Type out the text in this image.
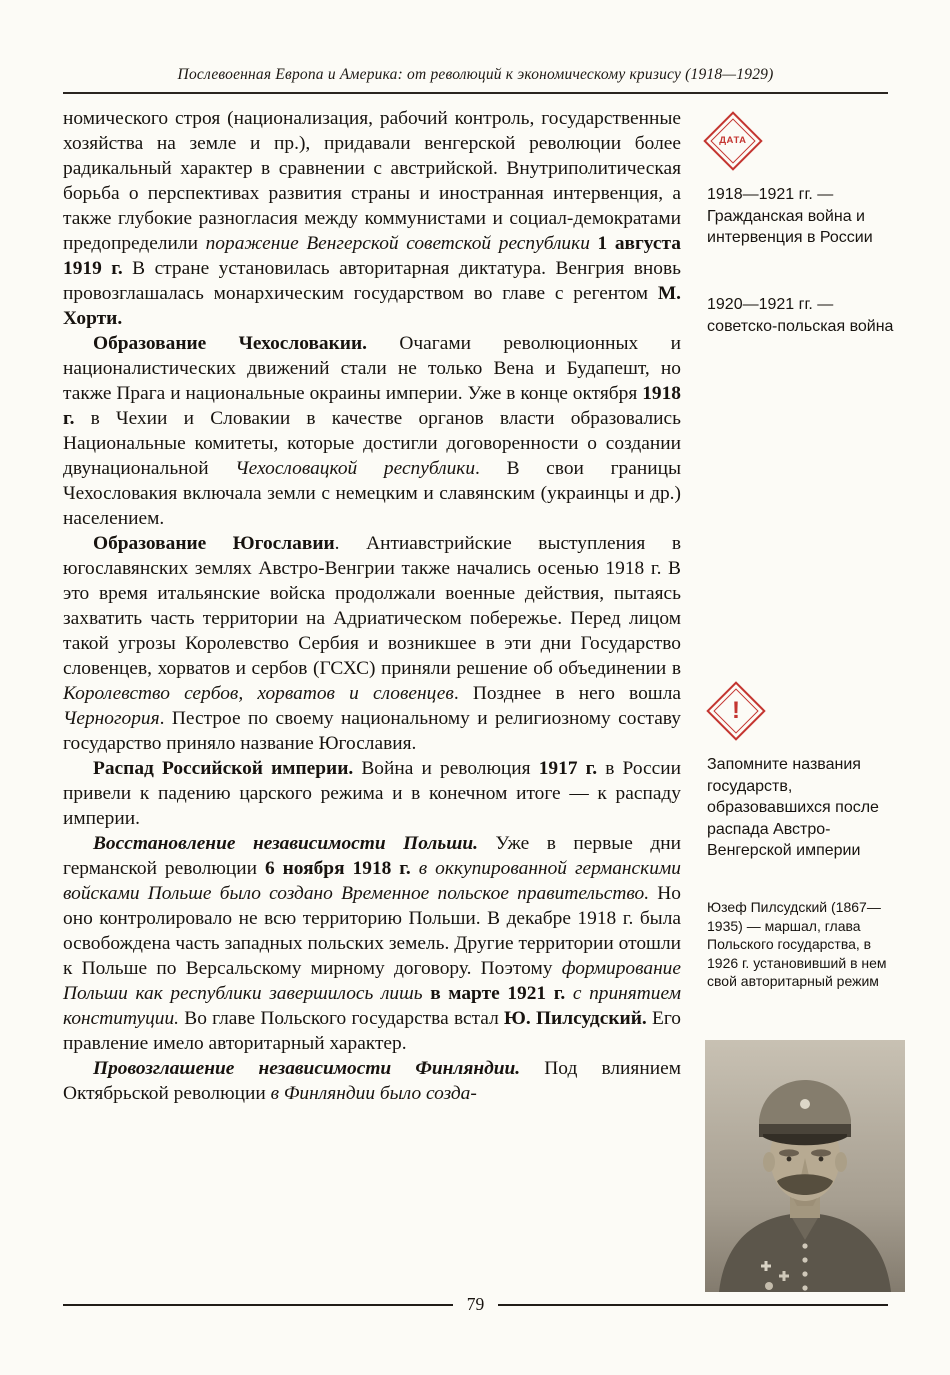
Послевоенная Европа и Америка: от революций к экономическому кризису (1918—1929)

номического строя (национализация, рабочий контроль, государственные хозяйства на земле и пр.), придавали венгерской революции более радикальный характер в сравнении с австрийской. Внутриполитическая борьба о перспективах развития страны и иностранная интервенция, а также глубокие разногласия между коммунистами и социал-демократами предопределили поражение Венгерской советской республики 1 августа 1919 г. В стране установилась авторитарная диктатура. Венгрия вновь провозглашалась монархическим государством во главе с регентом М. Хорти.

Образование Чехословакии. Очагами революционных и националистических движений стали не только Вена и Будапешт, но также Прага и национальные окраины империи. Уже в конце октября 1918 г. в Чехии и Словакии в качестве органов власти образовались Национальные комитеты, которые достигли договоренности о создании двунациональной Чехословацкой республики. В свои границы Чехословакия включала земли с немецким и славянским (украинцы и др.) населением.

Образование Югославии. Антиавстрийские выступления в югославянских землях Австро-Венгрии также начались осенью 1918 г. В это время итальянские войска продолжали военные действия, пытаясь захватить часть территории на Адриатическом побережье. Перед лицом такой угрозы Королевство Сербия и возникшее в эти дни Государство словенцев, хорватов и сербов (ГСХС) приняли решение об объединении в Королевство сербов, хорватов и словенцев. Позднее в него вошла Черногория. Пестрое по своему национальному и религиозному составу государство приняло название Югославия.

Распад Российской империи. Война и революция 1917 г. в России привели к падению царского режима и в конечном итоге — к распаду империи.

Восстановление независимости Польши. Уже в первые дни германской революции 6 ноября 1918 г. в оккупированной германскими войсками Польше было создано Временное польское правительство. Но оно контролировало не всю территорию Польши. В декабре 1918 г. была освобождена часть западных польских земель. Другие территории отошли к Польше по Версальскому мирному договору. Поэтому формирование Польши как республики завершилось лишь в марте 1921 г. с принятием конституции. Во главе Польского государства встал Ю. Пилсудский. Его правление имело авторитарный характер.

Провозглашение независимости Финляндии. Под влиянием Октябрьской революции в Финляндии было созда-

ДАТА
1918—1921 гг. — Гражданская война и интервенция в России
1920—1921 гг. — советско-польская война
!
Запомните названия государств, образовавшихся после распада Австро-Венгерской империи
Юзеф Пилсудский (1867—1935) — маршал, глава Польского государства, в 1926 г. установивший в нем свой авторитарный режим
79
